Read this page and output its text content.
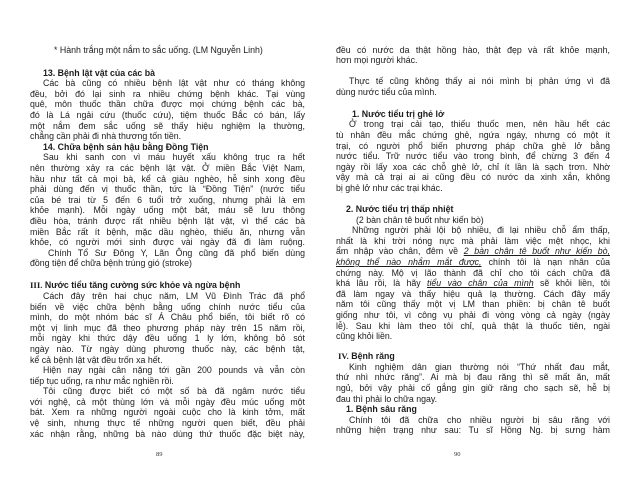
* Hành trắng một nắm to sắc uống. (LM Nguyễn Linh)
13. Bệnh lật vật của các bà
Các bà cũng có nhiều bệnh lật vật như có tháng không
đều, bởi đó lại sinh ra nhiều chứng bệnh khác. Tại vùng
quê, môn thuốc thần chữa được mọi chứng bệnh các bà,
đó là Lá ngải cứu (thuốc cứu), tiệm thuốc Bắc có bán, lấy
một nắm đem sắc uống sẽ thấy hiệu nghiệm lạ thường,
chẳng cần phải đi nhà thương tốn tiền.
14. Chữa bệnh sản hậu bằng Đồng Tiện
Sau khi sanh con vì máu huyết xấu không trục ra hết
nên thường xảy ra các bệnh lật vật. Ở miền Bắc Việt Nam,
hầu như tất cả mọi bà, kể cả giàu nghèo, hễ sinh xong đều
phải dùng đến vị thuốc thần, tức là “Đồng Tiện” (nước tiểu
của bé trai từ 5 đến 6 tuổi trở xuống, nhưng phải là em
khỏe mạnh). Mỗi ngày uống một bát, máu sẽ lưu thông
điều hòa, tránh được rất nhiều bệnh lật vật, vì thế các bà
miền Bắc rất ít bệnh, mặc dầu nghèo, thiếu ăn, nhưng vẫn
khỏe, có người mới sinh được vài ngày đã đi làm ruộng.
Chính Tổ Sư Đông Y, Lãn Ông cũng đã phổ biến dùng
đồng tiện để chữa bệnh trúng gió (stroke)
III. Nước tiểu tăng cường sức khỏe và ngừa bệnh
Cách đây trên hai chục năm, LM Vũ Đình Trác đã phổ
biến về việc chữa bệnh bằng uống chính nước tiểu của
mình, do một nhóm bác sĩ Á Châu phổ biến, tôi biết rõ có
một vị linh mục đã theo phương pháp này trên 15 năm rồi,
mỗi ngày khi thức dậy đều uống 1 ly lớn, không bỏ sót
ngày nào. Từ ngày dùng phương thuốc này, các bệnh tật,
kể cả bệnh lật vật đều trốn xa hết.
Hiện nay ngài cân nặng tới gần 200 pounds và vẫn còn
tiếp tục uống, ra như mắc nghiền rồi.
Tôi cũng được biết có một số bà đã ngâm nước tiểu
với nghệ, cả một thùng lớn và mỗi ngày đều múc uống một
bát. Xem ra những người ngoài cuộc cho là kinh tởm, mất
vệ sinh, nhưng thực tế những người quen biết, đều phải
xác nhận rằng, những bà nào dùng thứ thuốc đặc biệt này,
89
đều có nước da thật hồng hào, thật đẹp và rất khỏe mạnh,
hơn mọi người khác.
Thực tế cũng không thấy ai nói mình bị phản ứng vì đã
dùng nước tiểu của mình.
1. Nước tiểu trị ghẻ lở
Ở trong trại cải tạo, thiếu thuốc men, nên hầu hết các
tù nhân đều mắc chứng ghẻ, ngứa ngáy, nhưng có một ít
trại, có người phổ biến phương pháp chữa ghẻ lở bằng
nước tiểu. Trữ nước tiểu vào trong bình, để chừng 3 đến 4
ngày rồi lấy xoa các chỗ ghẻ lở, chỉ ít lần là sạch trơn. Nhờ
vậy mà cả trại ai ai cũng đều có nước da xinh xắn, không
bị ghẻ lở như các trại khác.
2. Nước tiểu trị thấp nhiệt
(2 bàn chân tê buốt như kiến bò)
Những người phải lội bộ nhiều, đi lại nhiều chỗ ẩm thấp,
nhất là khi trời nóng nực mà phải làm việc mệt nhọc, khi
ẩm nhập vào chân, đêm về 2 bàn chân tê buốt như kiến bò,
không thể nào nhắm mắt được, chính tôi là nạn nhân của
chứng này. Mộ vị lão thành đã chỉ cho tôi cách chữa đã
khá lâu rồi, là hãy tiểu vào chân của mình sẽ khỏi liền, tôi
đã làm ngay và thấy hiệu quả lạ thường. Cách đây mấy
năm tôi cũng thấy một vị LM than phiền: bị chân tê buốt
giống như tôi, vì công vụ phải đi vòng vòng cả ngày (ngày
lễ). Sau khi làm theo tôi chỉ, quả thật là thuốc tiên, ngài
cũng khỏi liền.
IV. Bệnh răng
Kinh nghiệm dân gian thường nói “Thứ nhất đau mắt,
thứ nhì nhức răng”. Ai mà bị đau răng thì sẽ mất ăn, mất
ngủ, bởi vậy phải cố gắng gìn giữ răng cho sạch sẽ, hễ bị
đau thì phải lo chữa ngay.
1. Bệnh sâu răng
Chính tôi đã chữa cho nhiều người bị sâu răng với
những hiện trạng như sau: Tu sĩ Hồng Ng. bị sưng hàm
90
